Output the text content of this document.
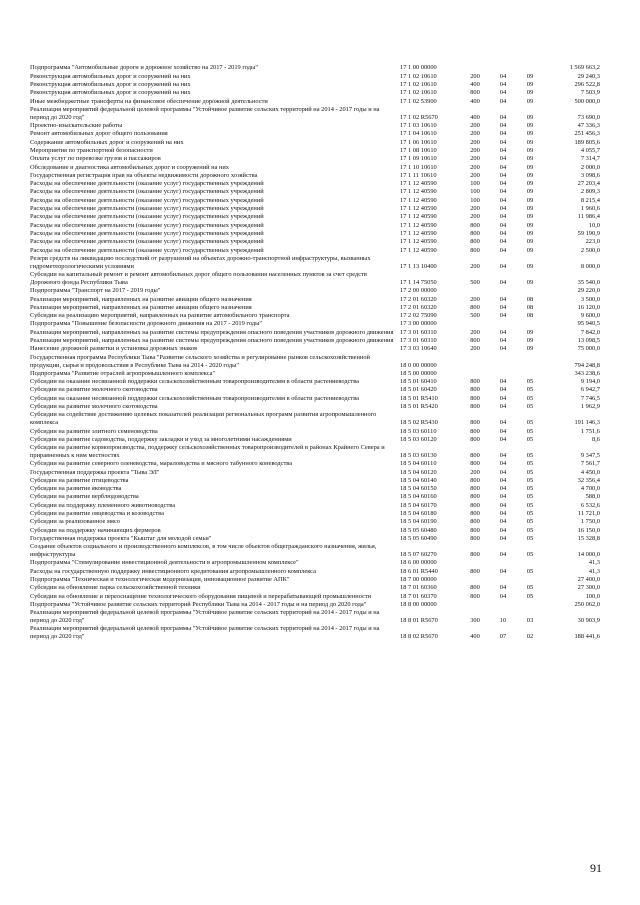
Подпрограмма "Автомобильные дороги и дорожное хозяйство на 2017 - 2019 годы"	17 1 00 00000	1 569 663,2
Реконструкция автомобильных дорог и сооружений на них	17 1 02 10610	200	04	09	29 240,3
Реконструкция автомобильных дорог и сооружений на них	17 1 02 10610	400	04	09	296 522,8
Реконструкция автомобильных дорог и сооружений на них	17 1 02 10610	800	04	09	7 503,9
Иные межбюджетные трансферты на финансовое обеспечение дорожной деятельности	17 1 02 53900	400	04	09	500 000,0
Реализация мероприятий федеральной целевой программы "Устойчивое развитие сельских территорий на 2014 - 2017 годы и на период до 2020 год"	17 1 02 R5670	400	04	09	73 690,0
Проектно-изыскательские работы	17 1 03 10610	200	04	09	47 336,3
Ремонт автомобильных дорог общего пользования	17 1 04 10610	200	04	09	251 456,3
Содержание автомобильных дорог и сооружений на них	17 1 06 10610	200	04	09	189 805,6
Мероприятия по транспортной безопасности	17 1 08 10610	200	04	09	4 055,7
Оплата услуг по перевозке грузов и пассажиров	17 1 09 10610	200	04	09	7 314,7
Обследование и диагностика автомобильных дорог и сооружений на них	17 1 10 10610	200	04	09	2 000,0
Государственная регистрация прав на объекты недвижимости дорожного хозяйства	17 1 11 10610	200	04	09	3 098,6
Расходы на обеспечение деятельности (оказание услуг) государственных учреждений	17 1 12 40590	100	04	09	27 203,4
Расходы на обеспечение деятельности (оказание услуг) государственных учреждений	17 1 12 40590	100	04	09	2 809,3
Расходы на обеспечение деятельности (оказание услуг) государственных учреждений	17 1 12 40590	100	04	09	8 215,4
Расходы на обеспечение деятельности (оказание услуг) государственных учреждений	17 1 12 40590	200	04	09	1 960,6
Расходы на обеспечение деятельности (оказание услуг) государственных учреждений	17 1 12 40590	200	04	09	11 986,4
Расходы на обеспечение деятельности (оказание услуг) государственных учреждений	17 1 12 40590	800	04	09	10,0
Расходы на обеспечение деятельности (оказание услуг) государственных учреждений	17 1 12 40590	800	04	09	59 190,9
Расходы на обеспечение деятельности (оказание услуг) государственных учреждений	17 1 12 40590	800	04	09	223,0
Расходы на обеспечение деятельности (оказание услуг) государственных учреждений	17 1 12 40590	800	04	09	2 500,0
Резерв средств на ликвидацию последствий от разрушений на объектах дорожно-транспортной инфраструктуры, вызванных гидрометеорологическими условиями	17 1 13 10400	200	04	09	8 000,0
Субсидии на капитальный ремонт и ремонт автомобильных дорог общего пользования населенных пунктов за счет средств Дорожного фонда Республики Тыва	17 1 14 75050	500	04	09	35 540,0
Подпрограмма "Транспорт на 2017 - 2019 годы"	17 2 00 00000	29 220,0
Реализация мероприятий, направленных на развитие авиации общего назначения	17 2 01 60320	200	04	08	3 500,0
Реализация мероприятий, направленных на развитие авиации общего назначения	17 2 01 60320	800	04	08	16 120,0
Субсидии на реализацию мероприятий, направленных на развитие автомобильного транспорта	17 2 02 75090	500	04	08	9 600,0
Подпрограмма "Повышение безопасности дорожного движения на 2017 - 2019 годы"	17 3 00 00000	95 940,5
Реализация мероприятий, направленных на развитие системы предупреждения опасного поведения участников дорожного движения	17 3 01 60310	200	04	09	7 842,0
Реализация мероприятий, направленных на развитие системы предупреждения опасного поведения участников дорожного движения	17 3 01 60310	800	04	09	13 098,5
Нанесение дорожной разметки и установка дорожных знаков	17 3 03 10640	200	04	09	75 000,0
Государственная программа Республики Тыва "Развитие сельского хозяйства и регулирование рынков сельскохозяйственной продукции, сырья и продовольствия в Республике Тыва на 2014 - 2020 годы"	18 0 00 00000	794 248,8
Подпрограмма "Развитие отраслей агропромышленного комплекса"	18 5 00 00000	343 238,6
Субсидии на оказание несвязанной поддержки сельскохозяйственным товаропроизводителям в области растениеводства	18 5 01 60410	800	04	05	9 194,0
Субсидии на развитие молочного скотоводства	18 5 01 60420	800	04	05	6 942,7
Субсидии на оказание несвязанной поддержки сельскохозяйственным товаропроизводителям в области растениеводства	18 5 01 R5410	800	04	05	7 746,5
Субсидии на развитие молочного скотоводства	18 5 01 R5420	800	04	05	1 962,9
Субсидии на содействие достижению целевых показателей реализации региональных программ развития агропромышленного комплекса	18 5 02 R5430	800	04	05	191 146,3
Субсидии на развитие элитного семеноводства	18 5 03 60110	800	04	05	1 751,6
Субсидии на развитие садоводства, поддержку закладки и уход за многолетними насаждениями	18 5 03 60120	800	04	05	8,6
Субсидии на развитие кормопроизводства, поддержку сельскохозяйственных товаропроизводителей в районах Крайнего Севера и приравненных к ним местностях	18 5 03 60130	800	04	05	9 347,5
Субсидии на развитие северного оленеводства, мараловодства и мясного табунного коневодства	18 5 04 60110	800	04	05	7 561,7
Государственная поддержка проекта "Тыва ЭЛ"	18 5 04 60120	200	04	05	4 450,0
Субсидии на развитие птицеводства	18 5 04 60140	800	04	05	32 356,4
Субсидии на развитие яководства	18 5 04 60150	800	04	05	4 700,0
Субсидии на развитие верблюдоводства	18 5 04 60160	800	04	05	588,0
Субсидии на поддержку племенного животноводства	18 5 04 60170	800	04	05	6 532,6
Субсидии на развитие овцеводства и козоводства	18 5 04 60180	800	04	05	11 721,0
Субсидии за реализованное мясо	18 5 04 60190	800	04	05	1 750,0
Субсидии на поддержку начинающих фермеров	18 5 05 60480	800	04	05	16 150,0
Государственная поддержка проекта "Кыштаг для молодой семьи"	18 5 05 60490	800	04	05	15 328,8
Создание объектов социального и производственного комплексов, в том числе объектов общегражданского назначения, жилья, инфраструктуры	18 5 07 60270	800	04	05	14 000,0
Подпрограмма "Стимулирование инвестиционной деятельности в агропромышленном комплексе"	18 6 00 00000	41,3
Расходы на государственную поддержку инвестиционного кредитования агропромышленного комплекса	18 6 01 R5440	800	04	05	41,3
Подпрограмма "Техническая и технологическая модернизация, инновационное развитие АПК"	18 7 00 00000	27 400,0
Субсидии на обновление парка сельскохозяйственной техники	18 7 01 60360	800	04	05	27 300,0
Субсидии на обновление и переоснащение технологического оборудования пищевой и перерабатывающей промышленности	18 7 01 60370	800	04	05	100,0
Подпрограмма "Устойчивое развитие сельских территорий Республики Тыва на 2014 - 2017 годы и на период до 2020 года"	18 8 00 00000	250 062,0
Реализация мероприятий федеральной целевой программы "Устойчивое развитие сельских территорий на 2014 - 2017 годы и на период до 2020 год"	18 8 01 R5670	300	10	03	30 903,9
Реализация мероприятий федеральной целевой программы "Устойчивое развитие сельских территорий на 2014 - 2017 годы и на период до 2020 год"	18 8 02 R5670	400	07	02	188 441,6
91
